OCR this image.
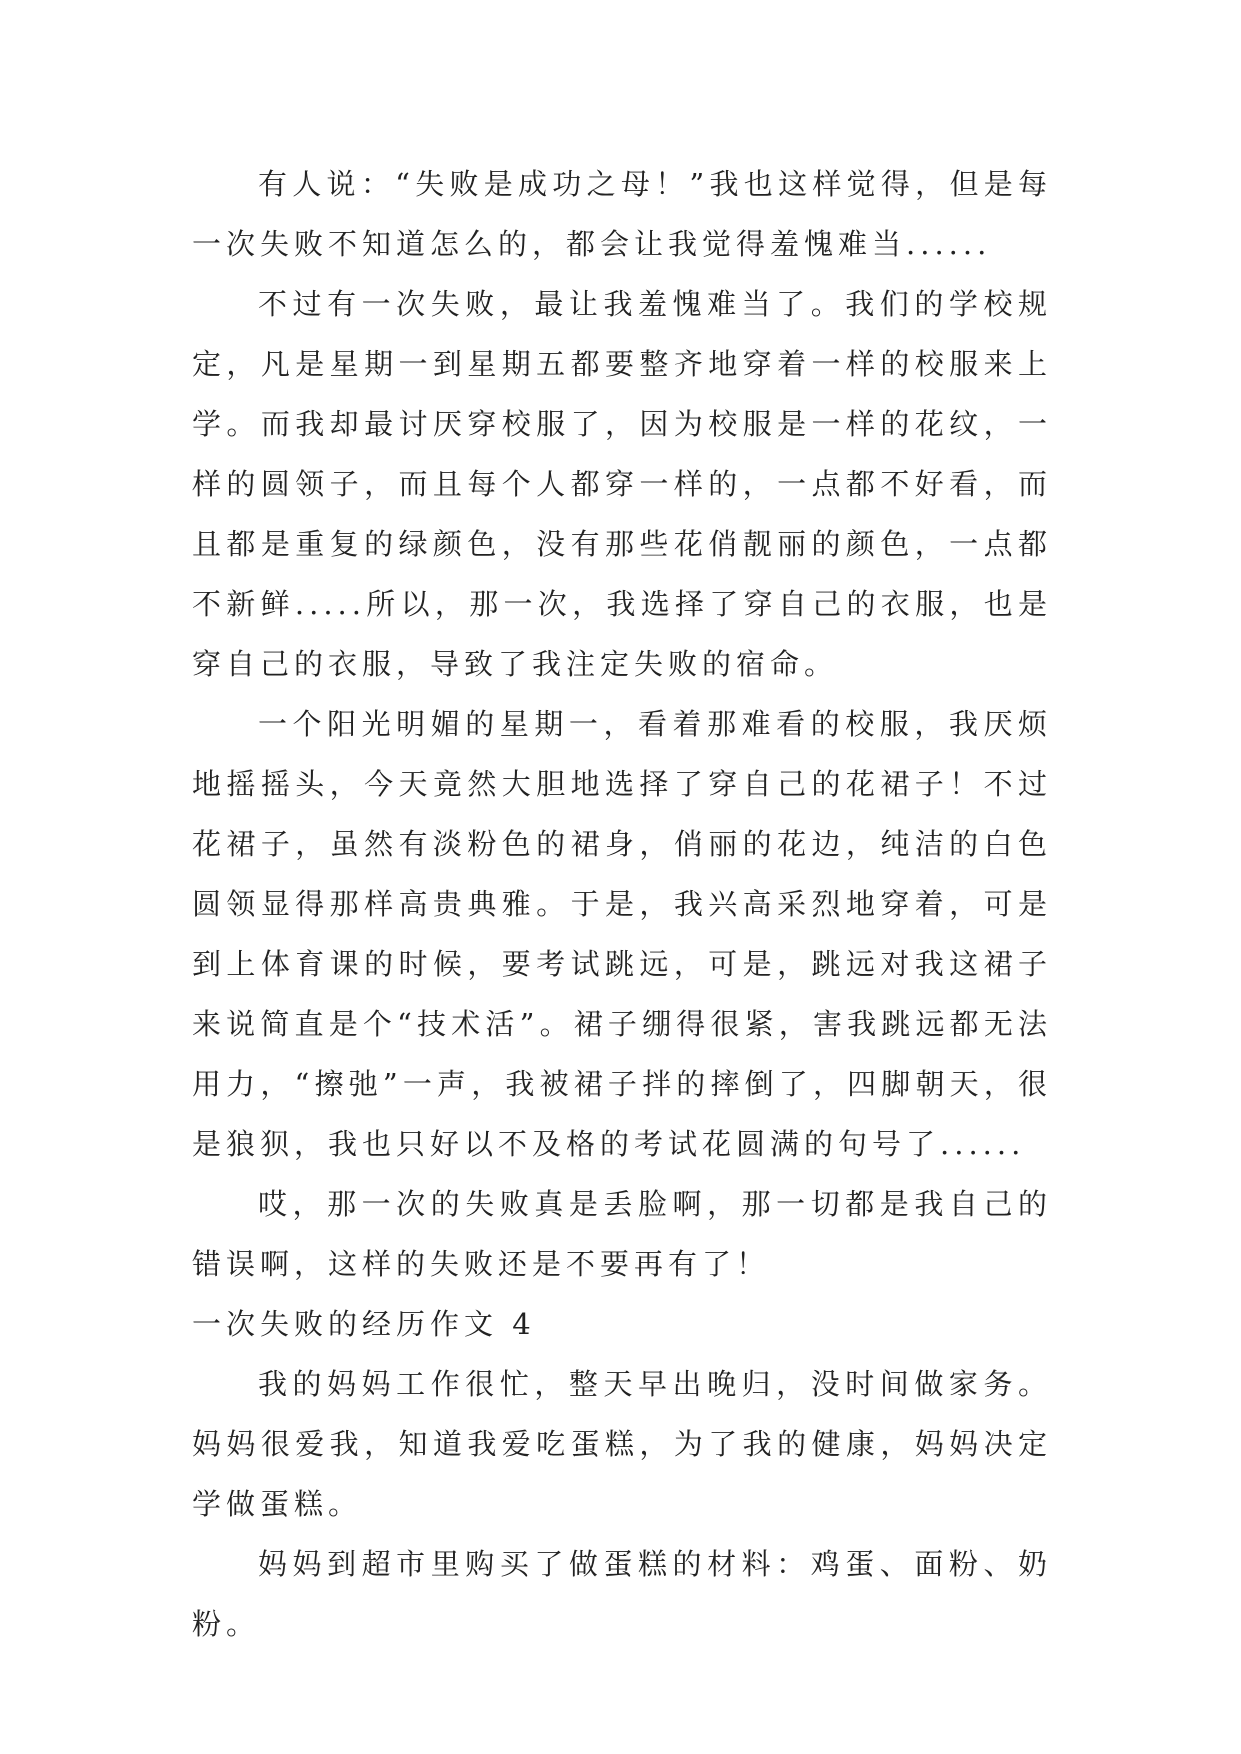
有人说：“失败是成功之母！”我也这样觉得，但是每一次失败不知道怎么的，都会让我觉得羞愧难当......

不过有一次失败，最让我羞愧难当了。我们的学校规定，凡是星期一到星期五都要整齐地穿着一样的校服来上学。而我却最讨厌穿校服了，因为校服是一样的花纹，一样的圆领子，而且每个人都穿一样的，一点都不好看，而且都是重复的绿颜色，没有那些花俏靓丽的颜色，一点都不新鲜.....所以，那一次，我选择了穿自己的衣服，也是穿自己的衣服，导致了我注定失败的宿命。

一个阳光明媚的星期一，看着那难看的校服，我厌烦地摇摇头，今天竟然大胆地选择了穿自己的花裙子！不过花裙子，虽然有淡粉色的裙身，俏丽的花边，纯洁的白色圆领显得那样高贵典雅。于是，我兴高采烈地穿着，可是到上体育课的时候，要考试跳远，可是，跳远对我这裙子来说简直是个“技术活”。裙子绷得很紧，害我跳远都无法用力，“擦弛”一声，我被裙子拌的摔倒了，四脚朝天，很是狼狈，我也只好以不及格的考试花圆满的句号了......

哎，那一次的失败真是丢脸啊，那一切都是我自己的错误啊，这样的失败还是不要再有了！

一次失败的经历作文 4

我的妈妈工作很忙，整天早出晚归，没时间做家务。妈妈很爱我，知道我爱吃蛋糕，为了我的健康，妈妈决定学做蛋糕。

妈妈到超市里购买了做蛋糕的材料：鸡蛋、面粉、奶粉。
